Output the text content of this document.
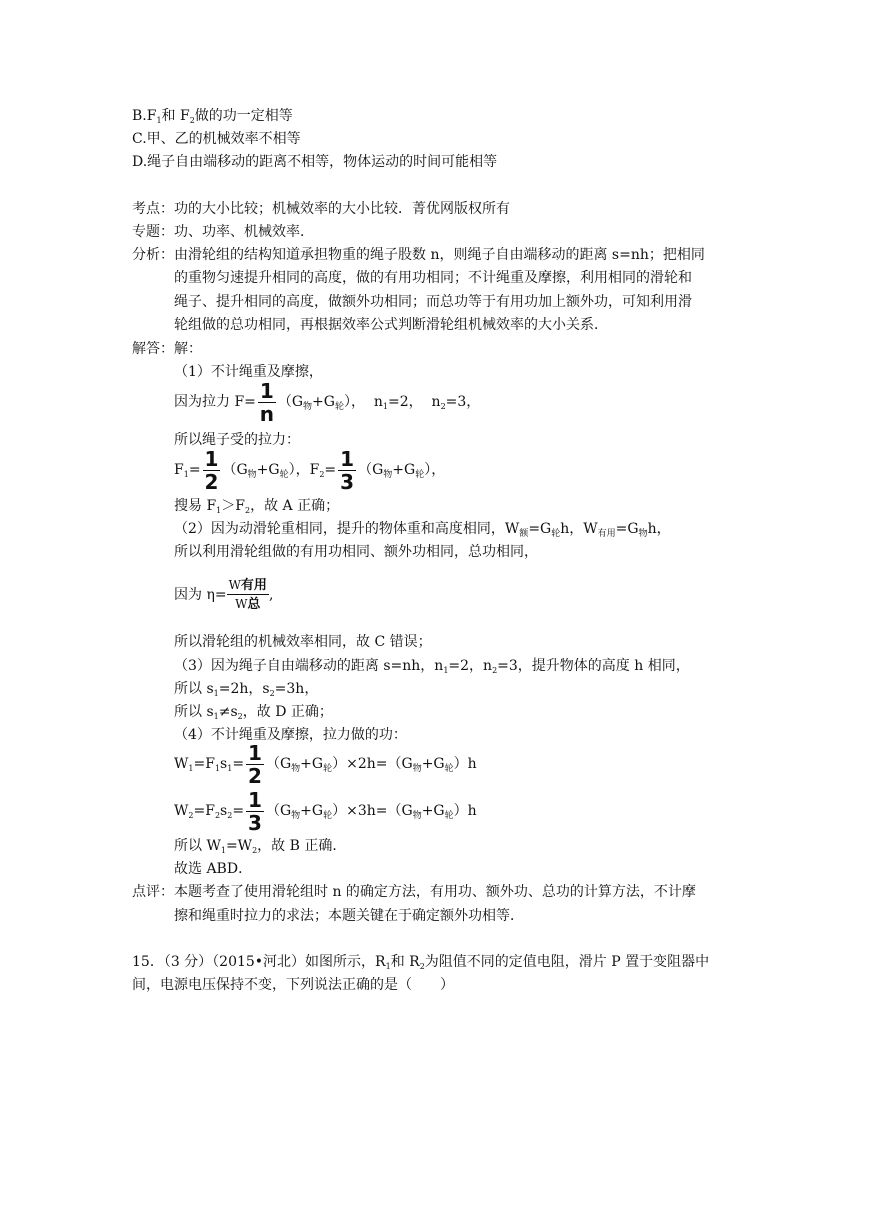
$B.F_1$和 $F_2$做的功一定相等
C.甲、乙的机械效率不相等
D.绳子自由端移动的距离不相等，物体运动的时间可能相等
考点：功的大小比较；机械效率的大小比较．菁优网版权所有
专题：功、功率、机械效率．
分析： 由滑轮组的结构知道承担物重的绳子股数 n，则绳子自由端移动的距离 s=nh；把相同
的重物匀速提升相同的高度，做的有用功相同；不计绳重及摩擦，利用相同的滑轮和
绳子、提升相同的高度，做额外功相同；而总功等于有用功加上额外功，可知利用滑
轮组做的总功相同，再根据效率公式判断滑轮组机械效率的大小关系．
解答：解：
（1）不计绳重及摩擦，
因为拉力 $F= \frac{1}{n} (G_物+G_轮)$， $n_1=2$， $n_2=3$，
所以绳子受的拉力：
$F_1= \frac{1}{2} (G_物+G_轮)$，$F_2= \frac{1}{3} (G_物+G_轮)$，
搜易 $F_1>F_2$，故 A 正确；
（2）因为动滑轮重相同，提升的物体重和高度相同，$W_额=G_轮h$，$W_{有用}=G_物h$，
所以利用滑轮组做的有用功相同、额外功相同，总功相同，
因为 $\eta= \frac{\text{W有用}}{\text{W总}}$ ,
所以滑轮组的机械效率相同，故 C 错误；
（3）因为绳子自由端移动的距离 s=nh，$n_1=2$，$n_2=3$，提升物体的高度 h 相同，
所以 $s_1=2h$，$s_2=3h$，
所以 $s_1\ne s_2$，故 D 正确；
（4）不计绳重及摩擦，拉力做的功：
$W_1=F_1s_1= \frac{1}{2} (G_物+G_轮)\times 2h=(G_物+G_轮)h$
$W_2=F_2s_2= \frac{1}{3} (G_物+G_轮)\times 3h=(G_物+G_轮)h$
所以 $W_1=W_2$，故 B 正确．
故选 ABD．
点评： 本题考查了使用滑轮组时 n 的确定方法，有用功、额外功、总功的计算方法，不计摩
擦和绳重时拉力的求法；本题关键在于确定额外功相等．
15．（3 分）（2015•河北）如图所示，$R_1$和 $R_2$为阻值不同的定值电阻，滑片 P 置于变阻器中
间，电源电压保持不变，下列说法正确的是（　　）
